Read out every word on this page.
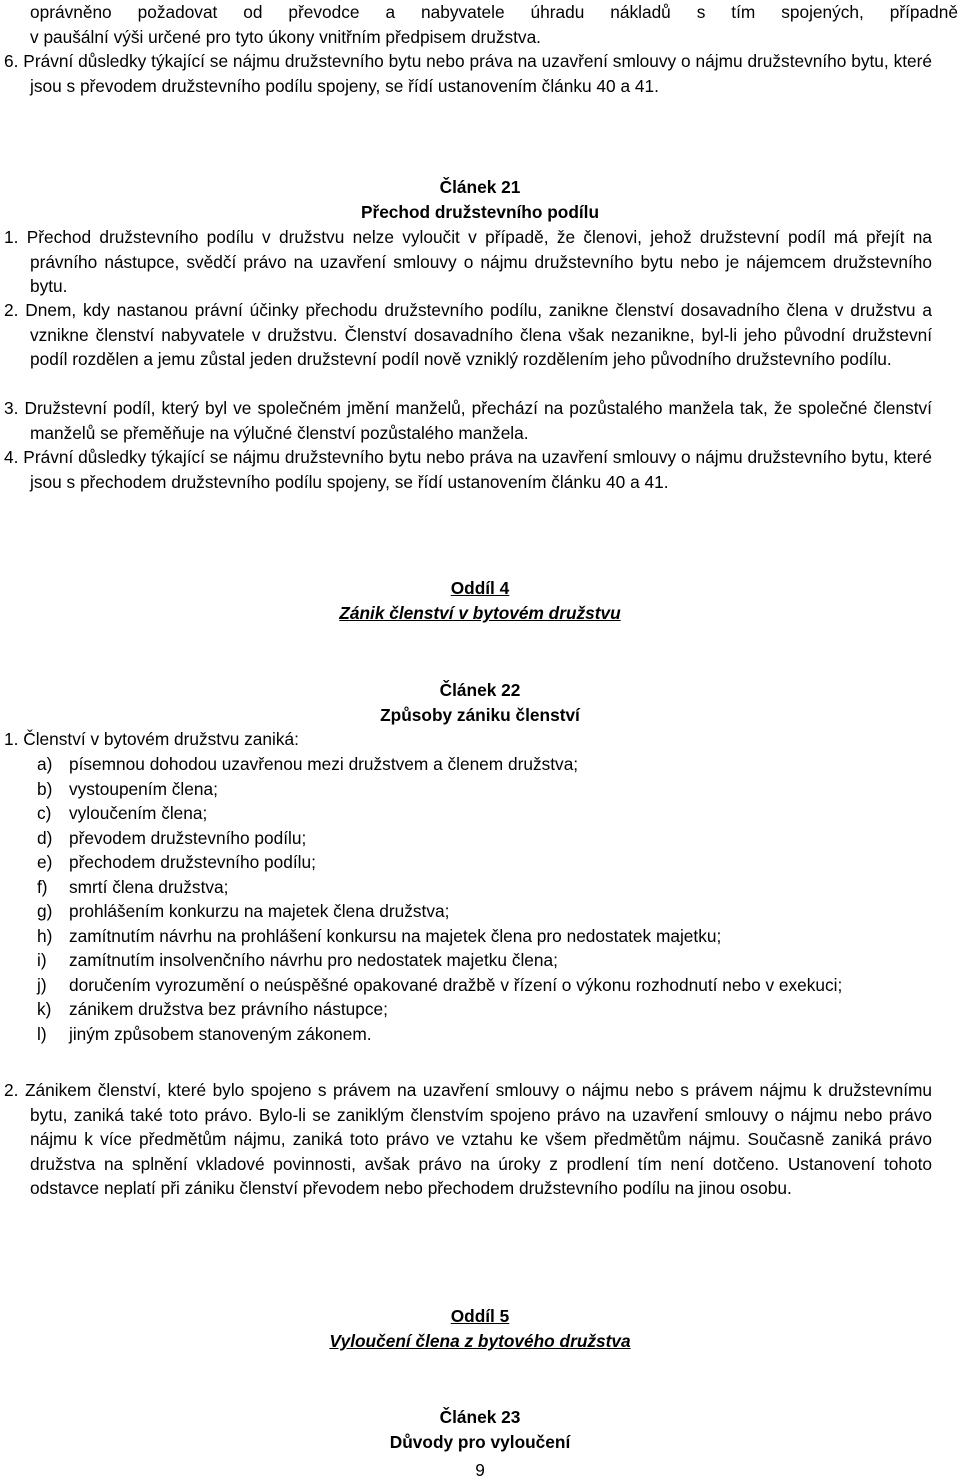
oprávněno požadovat od převodce a nabyvatele úhradu nákladů s tím spojených, případně
v paušální výši určené pro tyto úkony vnitřním předpisem družstva.

6. Právní důsledky týkající se nájmu družstevního bytu nebo práva na uzavření smlouvy o nájmu družstevního bytu, které jsou s převodem družstevního podílu spojeny, se řídí ustanovením článku 40 a 41.

Článek 21
Přechod družstevního podílu

1. Přechod družstevního podílu v družstvu nelze vyloučit v případě, že členovi, jehož družstevní podíl má přejít na právního nástupce, svědčí právo na uzavření smlouvy o nájmu družstevního bytu nebo je nájemcem družstevního bytu.

2. Dnem, kdy nastanou právní účinky přechodu družstevního podílu, zanikne členství dosavadního člena v družstvu a vznikne členství nabyvatele v družstvu. Členství dosavadního člena však nezanikne, byl-li jeho původní družstevní podíl rozdělen a jemu zůstal jeden družstevní podíl nově vzniklý rozdělením jeho původního družstevního podílu.

3. Družstevní podíl, který byl ve společném jmění manželů, přechází na pozůstalého manžela tak, že společné členství manželů se přeměňuje na výlučné členství pozůstalého manžela.

4. Právní důsledky týkající se nájmu družstevního bytu nebo práva na uzavření smlouvy o nájmu družstevního bytu, které jsou s přechodem družstevního podílu spojeny, se řídí ustanovením článku 40 a 41.

Oddíl 4
Zánik členství v bytovém družstvu
Článek 22
Způsoby zániku členství

1. Členství v bytovém družstvu zaniká:

a) písemnou dohodou uzavřenou mezi družstvem a členem družstva;
b) vystoupením člena;
c)	vyloučením člena;
d) převodem družstevního podílu;
e) přechodem družstevního podílu;
f)	smrtí člena družstva;
g) prohlášením konkurzu na majetek člena družstva;
h) zamítnutím návrhu na prohlášení konkursu na majetek člena pro nedostatek majetku;
i)	zamítnutím insolvenčního návrhu pro nedostatek majetku člena;
j)	doručením vyrozumění o neúspěšné opakované dražbě v řízení o výkonu rozhodnutí nebo v exekuci;
k)	zánikem družstva bez právního nástupce;
l)	jiným způsobem stanoveným zákonem.

2. Zánikem členství, které bylo spojeno s právem na uzavření smlouvy o nájmu nebo s právem nájmu k družstevnímu bytu, zaniká také toto právo. Bylo-li se zaniklým členstvím spojeno právo na uzavření smlouvy o nájmu nebo právo nájmu k více předmětům nájmu, zaniká toto právo ve vztahu ke všem předmětům nájmu. Současně zaniká právo družstva na splnění vkladové povinnosti, avšak právo na úroky z prodlení tím není dotčeno. Ustanovení tohoto odstavce neplatí při zániku členství převodem nebo přechodem družstevního podílu na jinou osobu.

Oddíl 5
Vyloučení člena z bytového družstva
Článek 23
Důvody pro vyloučení
9
